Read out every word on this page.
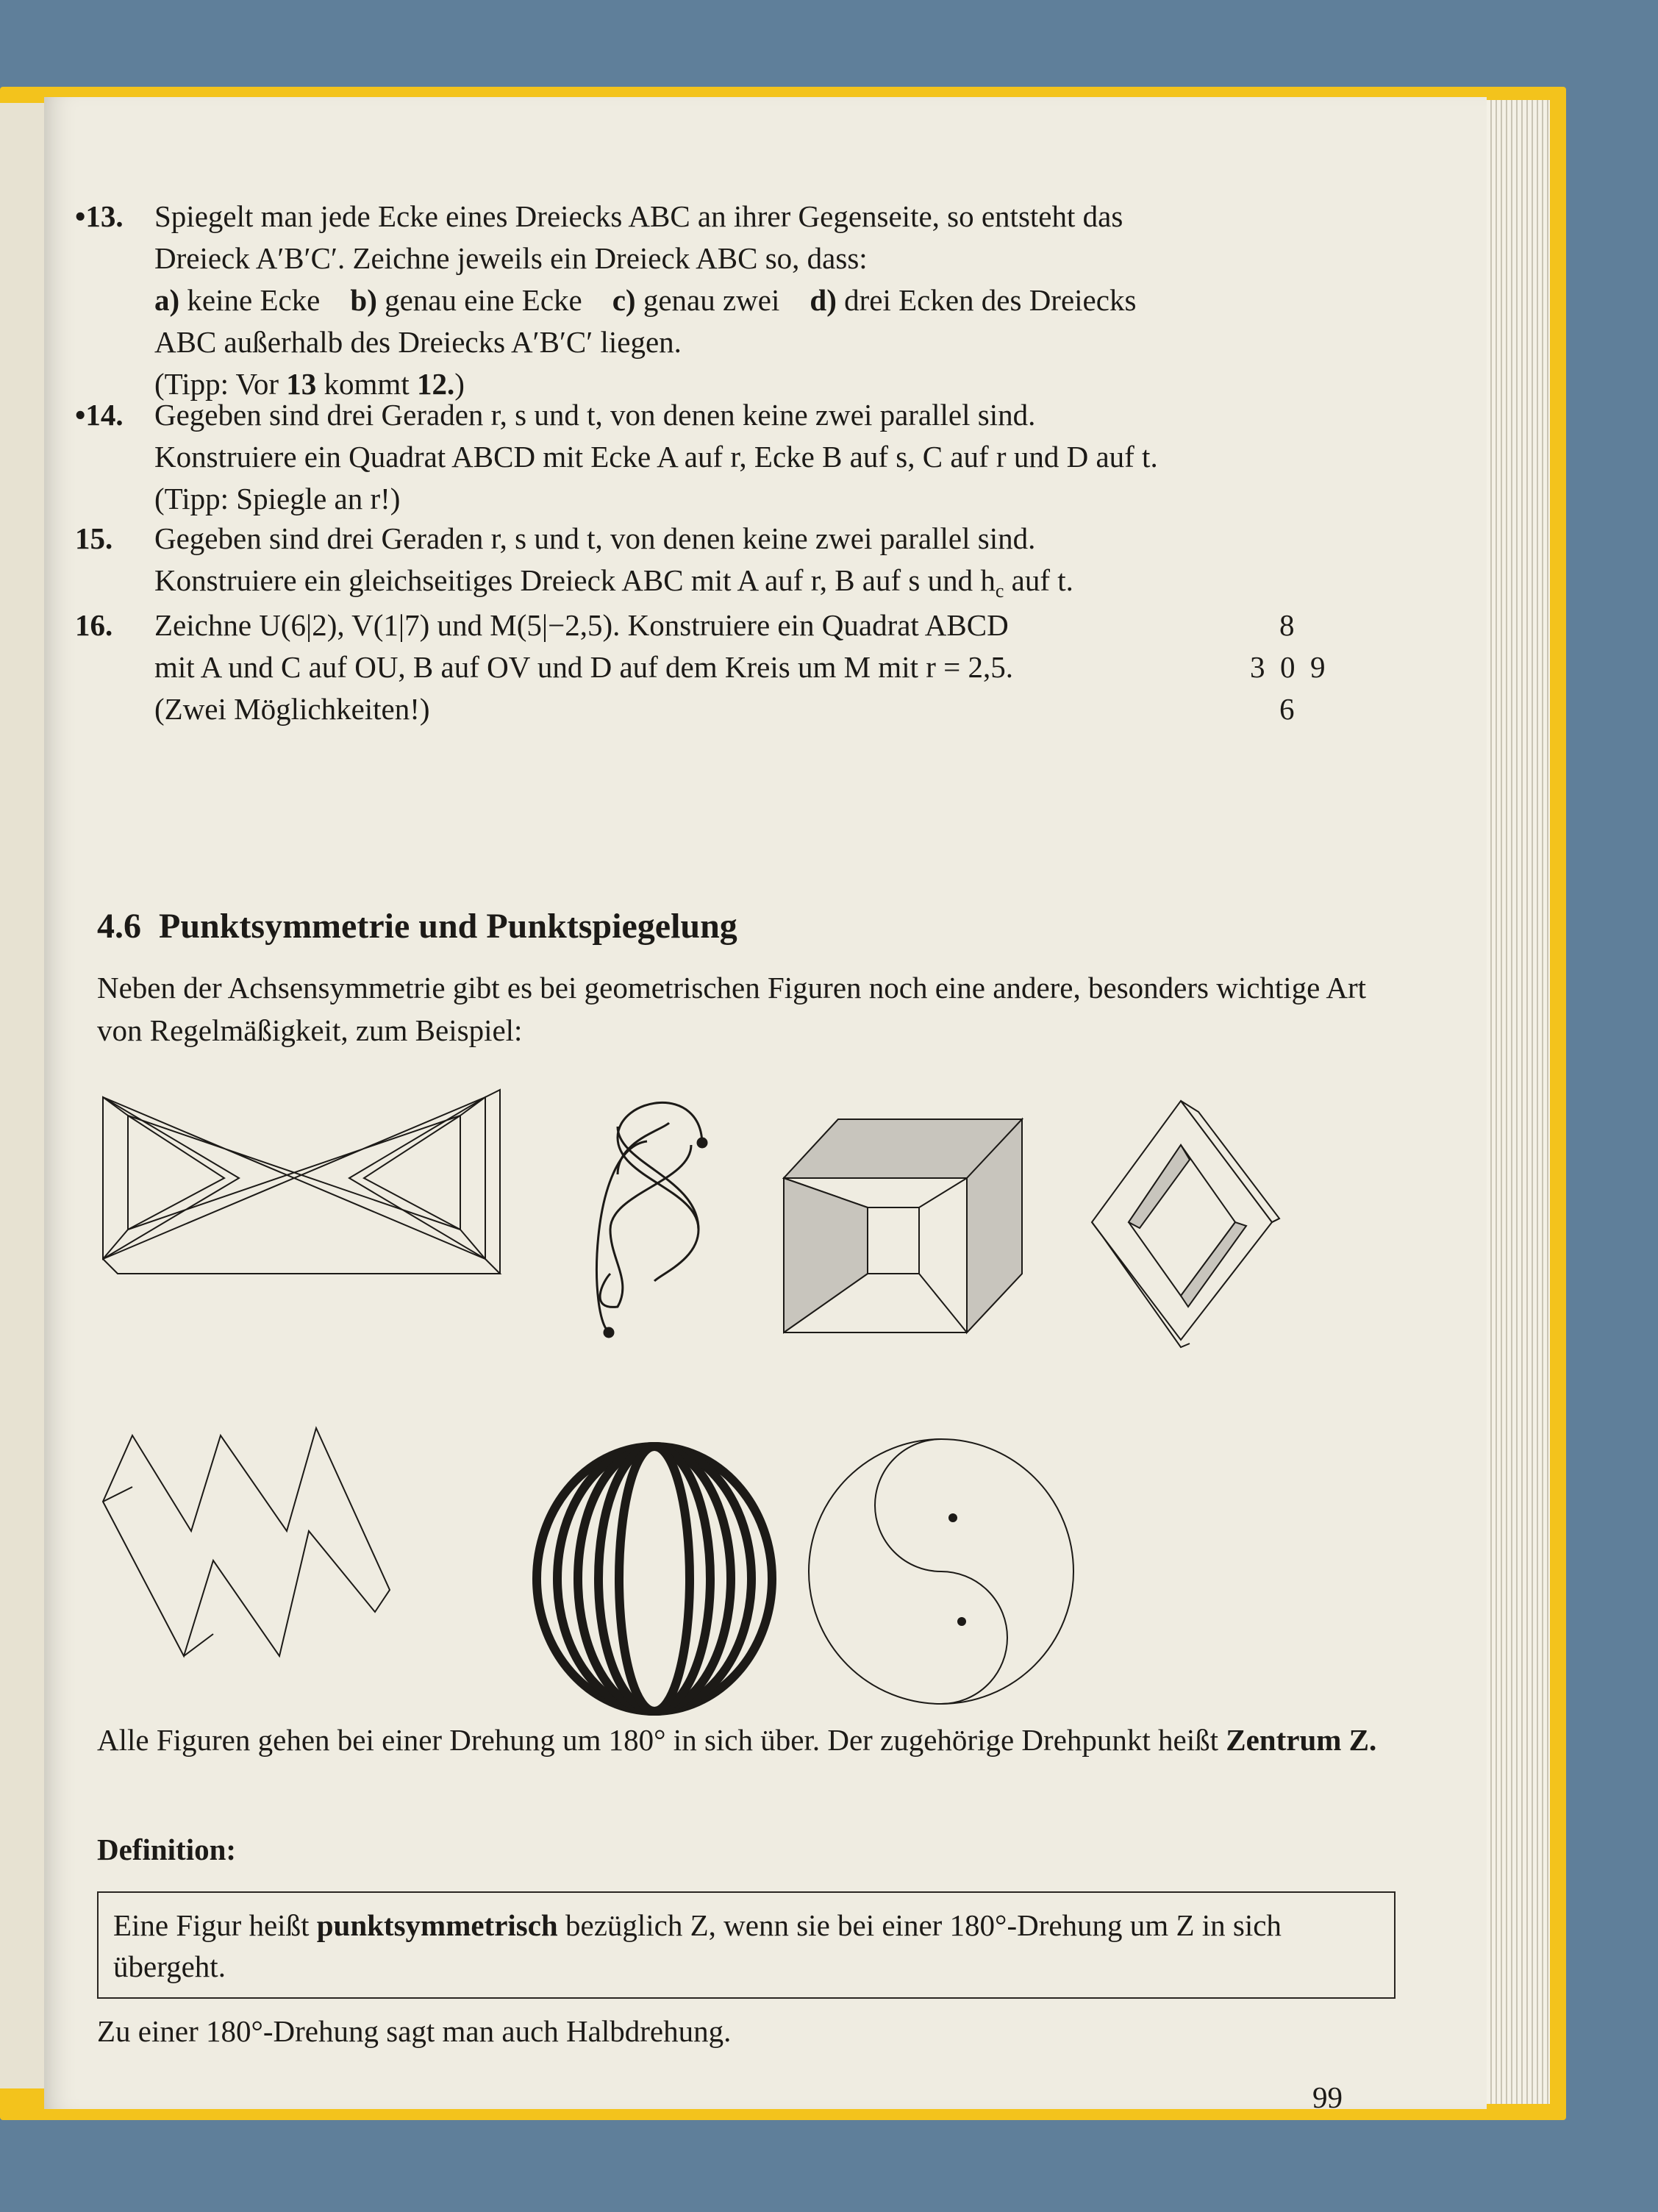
•13.	Spiegelt man jede Ecke eines Dreiecks ABC an ihrer Gegenseite, so entsteht das
Dreieck A′B′C′. Zeichne jeweils ein Dreieck ABC so, dass:
a) keine Ecke b) genau eine Ecke c) genau zwei d) drei Ecken des Dreiecks
ABC außerhalb des Dreiecks A′B′C′ liegen.
(Tipp: Vor 13 kommt 12.)
•14.	Gegeben sind drei Geraden r, s und t, von denen keine zwei parallel sind.
Konstruiere ein Quadrat ABCD mit Ecke A auf r, Ecke B auf s, C auf r und D auf t.
(Tipp: Spiegle an r!)
15.	Gegeben sind drei Geraden r, s und t, von denen keine zwei parallel sind.
Konstruiere ein gleichseitiges Dreieck ABC mit A auf r, B auf s und $h_c$ auf t.
16.	Zeichne U(6|2), V(1|7) und M(5|−2,5). Konstruiere ein Quadrat ABCD
mit A und C auf OU, B auf OV und D auf dem Kreis um M mit r = 2,5.
(Zwei Möglichkeiten!)
8
3  0  9
6
4.6 Punktsymmetrie und Punktspiegelung
Neben der Achsensymmetrie gibt es bei geometrischen Figuren noch eine andere, besonders wichtige Art von Regelmäßigkeit, zum Beispiel:
Alle Figuren gehen bei einer Drehung um 180° in sich über. Der zugehörige Drehpunkt heißt Zentrum Z.
Definition:
Eine Figur heißt punktsymmetrisch bezüglich Z, wenn sie bei einer 180°-Drehung um Z in sich übergeht.
Zu einer 180°-Drehung sagt man auch Halbdrehung.
99
